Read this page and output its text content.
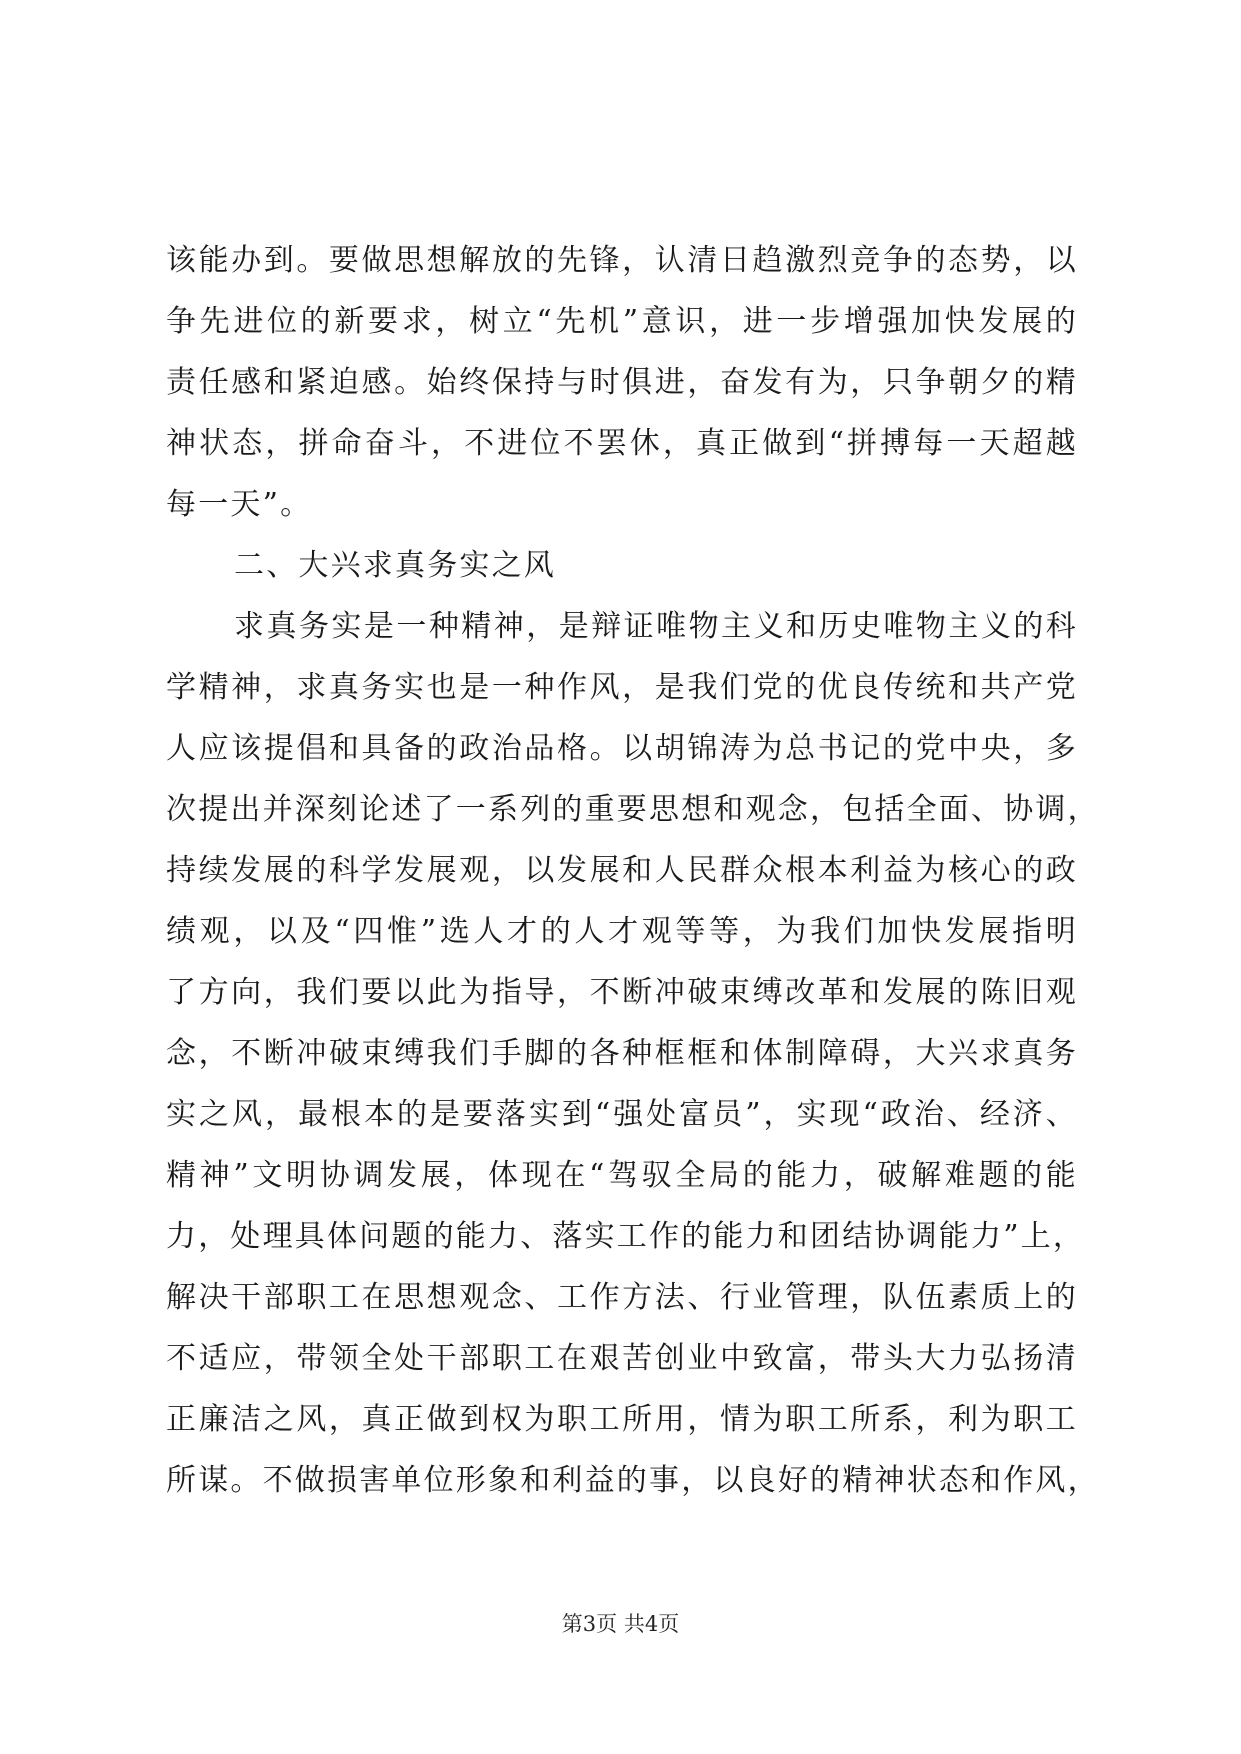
该能办到。要做思想解放的先锋，认清日趋激烈竞争的态势，以
争先进位的新要求，树立“先机”意识，进一步增强加快发展的
责任感和紧迫感。始终保持与时俱进，奋发有为，只争朝夕的精
神状态，拼命奋斗，不进位不罢休，真正做到“拼搏每一天超越
每一天”。
二、大兴求真务实之风
求真务实是一种精神，是辩证唯物主义和历史唯物主义的科
学精神，求真务实也是一种作风，是我们党的优良传统和共产党
人应该提倡和具备的政治品格。以胡锦涛为总书记的党中央，多
次提出并深刻论述了一系列的重要思想和观念，包括全面、协调，
持续发展的科学发展观，以发展和人民群众根本利益为核心的政
绩观，以及“四惟”选人才的人才观等等，为我们加快发展指明
了方向，我们要以此为指导，不断冲破束缚改革和发展的陈旧观
念，不断冲破束缚我们手脚的各种框框和体制障碍，大兴求真务
实之风，最根本的是要落实到“强处富员”，实现“政治、经济、
精神”文明协调发展，体现在“驾驭全局的能力，破解难题的能
力，处理具体问题的能力、落实工作的能力和团结协调能力”上，
解决干部职工在思想观念、工作方法、行业管理，队伍素质上的
不适应，带领全处干部职工在艰苦创业中致富，带头大力弘扬清
正廉洁之风，真正做到权为职工所用，情为职工所系，利为职工
所谋。不做损害单位形象和利益的事，以良好的精神状态和作风，
第3页 共4页
